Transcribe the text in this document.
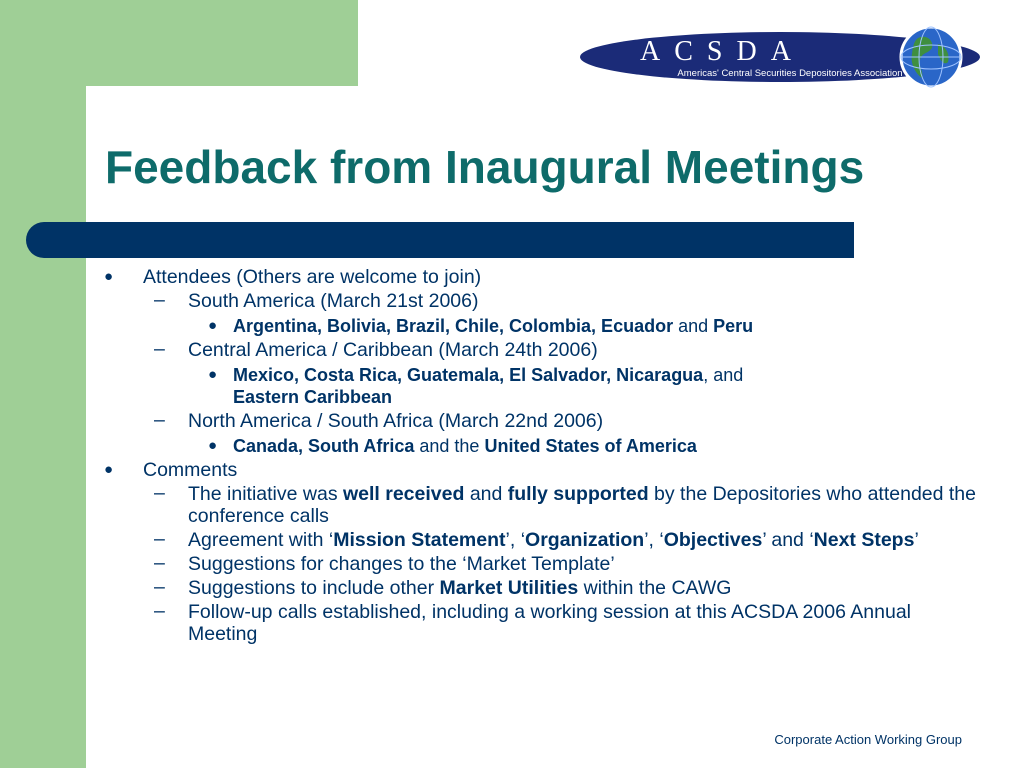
ACSDA
Americas' Central Securities Depositories Association
Feedback from Inaugural Meetings
● Attendees (Others are welcome to join)
– South America (March 21st 2006)
● Argentina, Bolivia, Brazil, Chile, Colombia, Ecuador and Peru
– Central America / Caribbean (March 24th 2006)
● Mexico, Costa Rica, Guatemala, El Salvador, Nicaragua, and
Eastern Caribbean
– North America / South Africa (March 22nd 2006)
● Canada, South Africa and the United States of America
● Comments
– The initiative was well received and fully supported by the Depositories who attended the conference calls
– Agreement with ‘Mission Statement’, ‘Organization’, ‘Objectives’ and ‘Next Steps’
– Suggestions for changes to the ‘Market Template’
– Suggestions to include other Market Utilities within the CAWG
– Follow-up calls established, including a working session at this ACSDA 2006 Annual Meeting
Corporate Action Working Group
